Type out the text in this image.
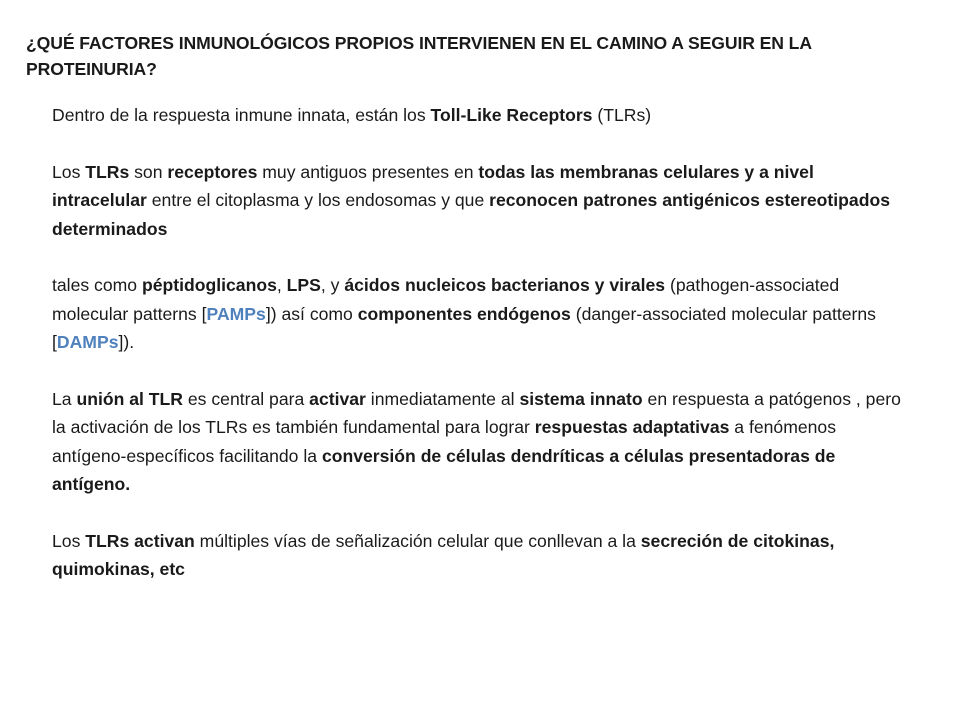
¿QUÉ FACTORES INMUNOLÓGICOS PROPIOS INTERVIENEN EN EL CAMINO A SEGUIR EN LA PROTEINURIA?

Dentro de la respuesta inmune innata, están los Toll-Like Receptors (TLRs)

Los TLRs son receptores muy antiguos presentes en todas las membranas celulares y a nivel intracelular entre el citoplasma y los endosomas y que reconocen patrones antigénicos estereotipados determinados

tales como péptidoglicanos, LPS, y ácidos nucleicos bacterianos y virales (pathogen-associated molecular patterns [PAMPs]) así como componentes endógenos (danger-associated molecular patterns [DAMPs]).

La unión al TLR es central para activar inmediatamente al sistema innato en respuesta a patógenos , pero la activación de los TLRs es también fundamental para lograr respuestas adaptativas a fenómenos antígeno-específicos facilitando la conversión de células dendríticas a células presentadoras de antígeno.

Los TLRs activan múltiples vías de señalización celular que conllevan a la secreción de citokinas, quimokinas, etc
